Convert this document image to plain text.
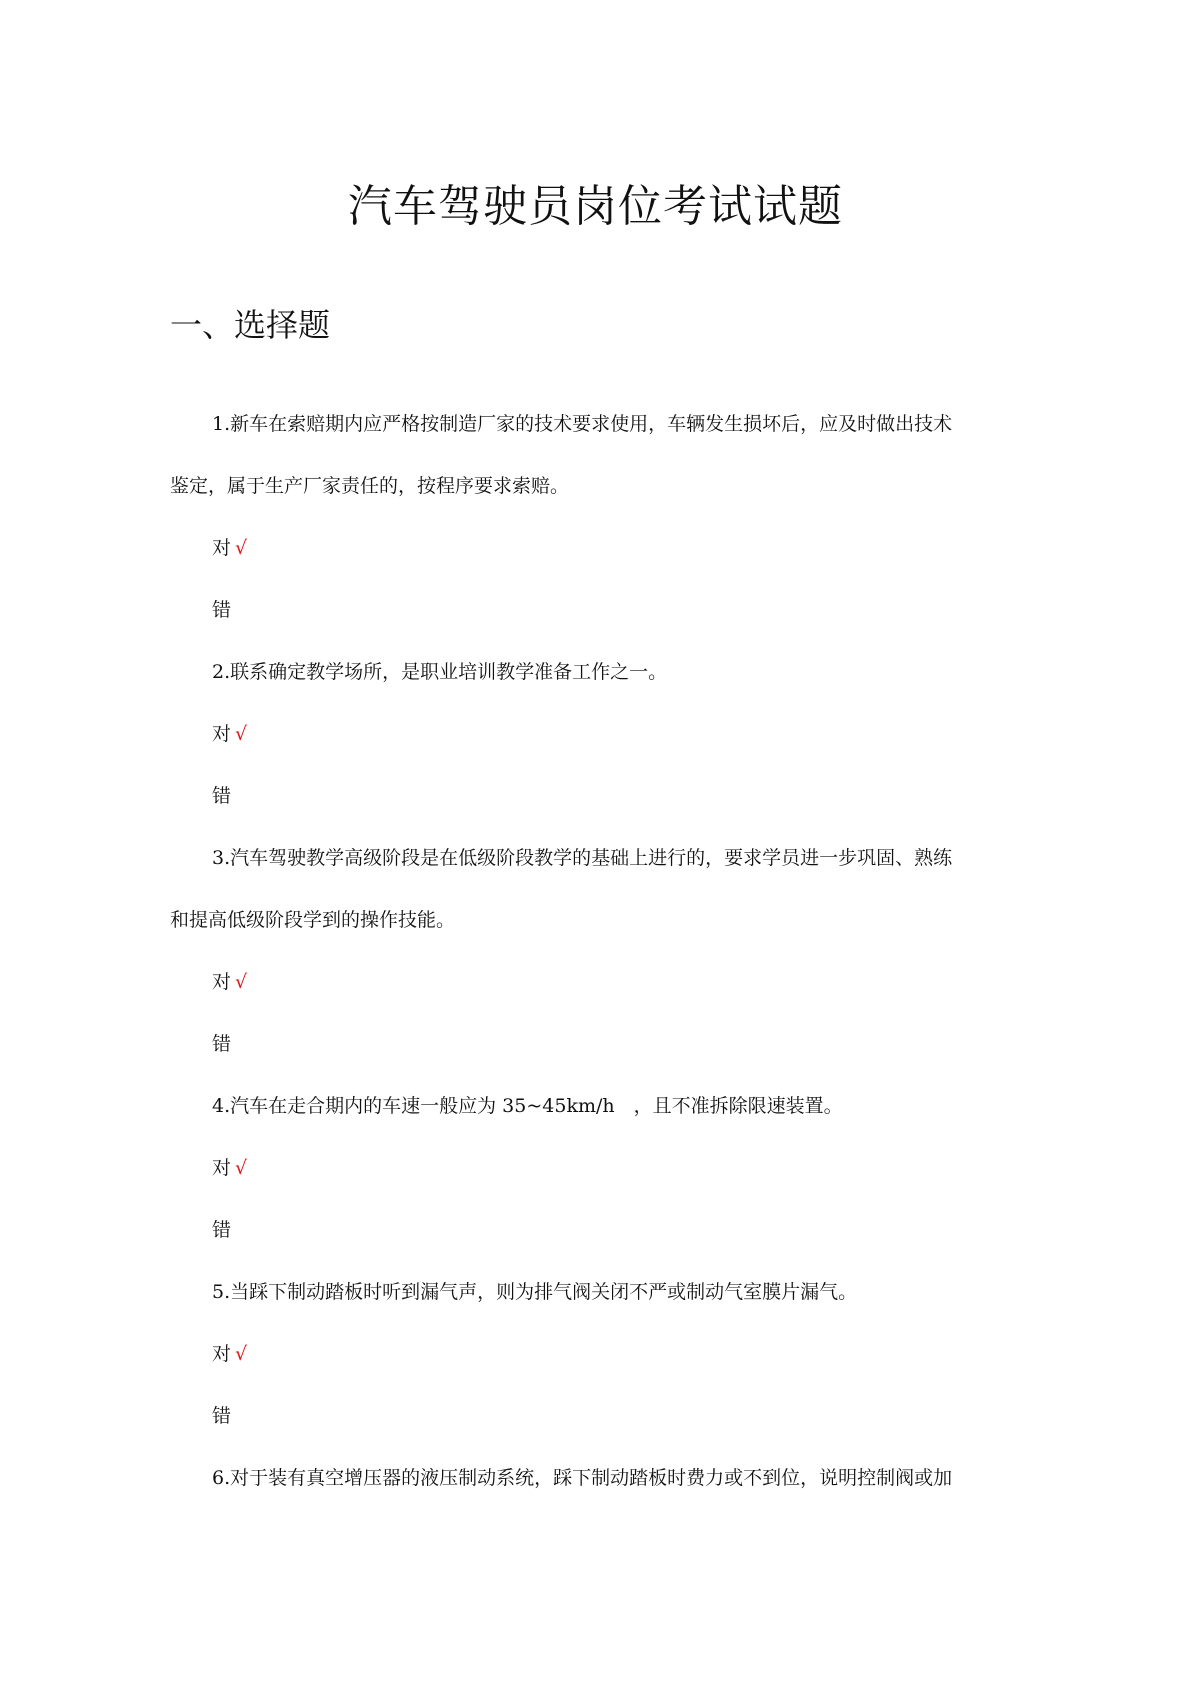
汽车驾驶员岗位考试试题
一、选择题
1.新车在索赔期内应严格按制造厂家的技术要求使用，车辆发生损坏后，应及时做出技术
鉴定，属于生产厂家责任的，按程序要求索赔。
对 √
错
2.联系确定教学场所，是职业培训教学准备工作之一。
对 √
错
3.汽车驾驶教学高级阶段是在低级阶段教学的基础上进行的，要求学员进一步巩固、熟练
和提高低级阶段学到的操作技能。
对 √
错
4.汽车在走合期内的车速一般应为 35~45km/h　，且不准拆除限速装置。
对 √
错
5.当踩下制动踏板时听到漏气声，则为排气阀关闭不严或制动气室膜片漏气。
对 √
错
6.对于装有真空增压器的液压制动系统，踩下制动踏板时费力或不到位，说明控制阀或加
